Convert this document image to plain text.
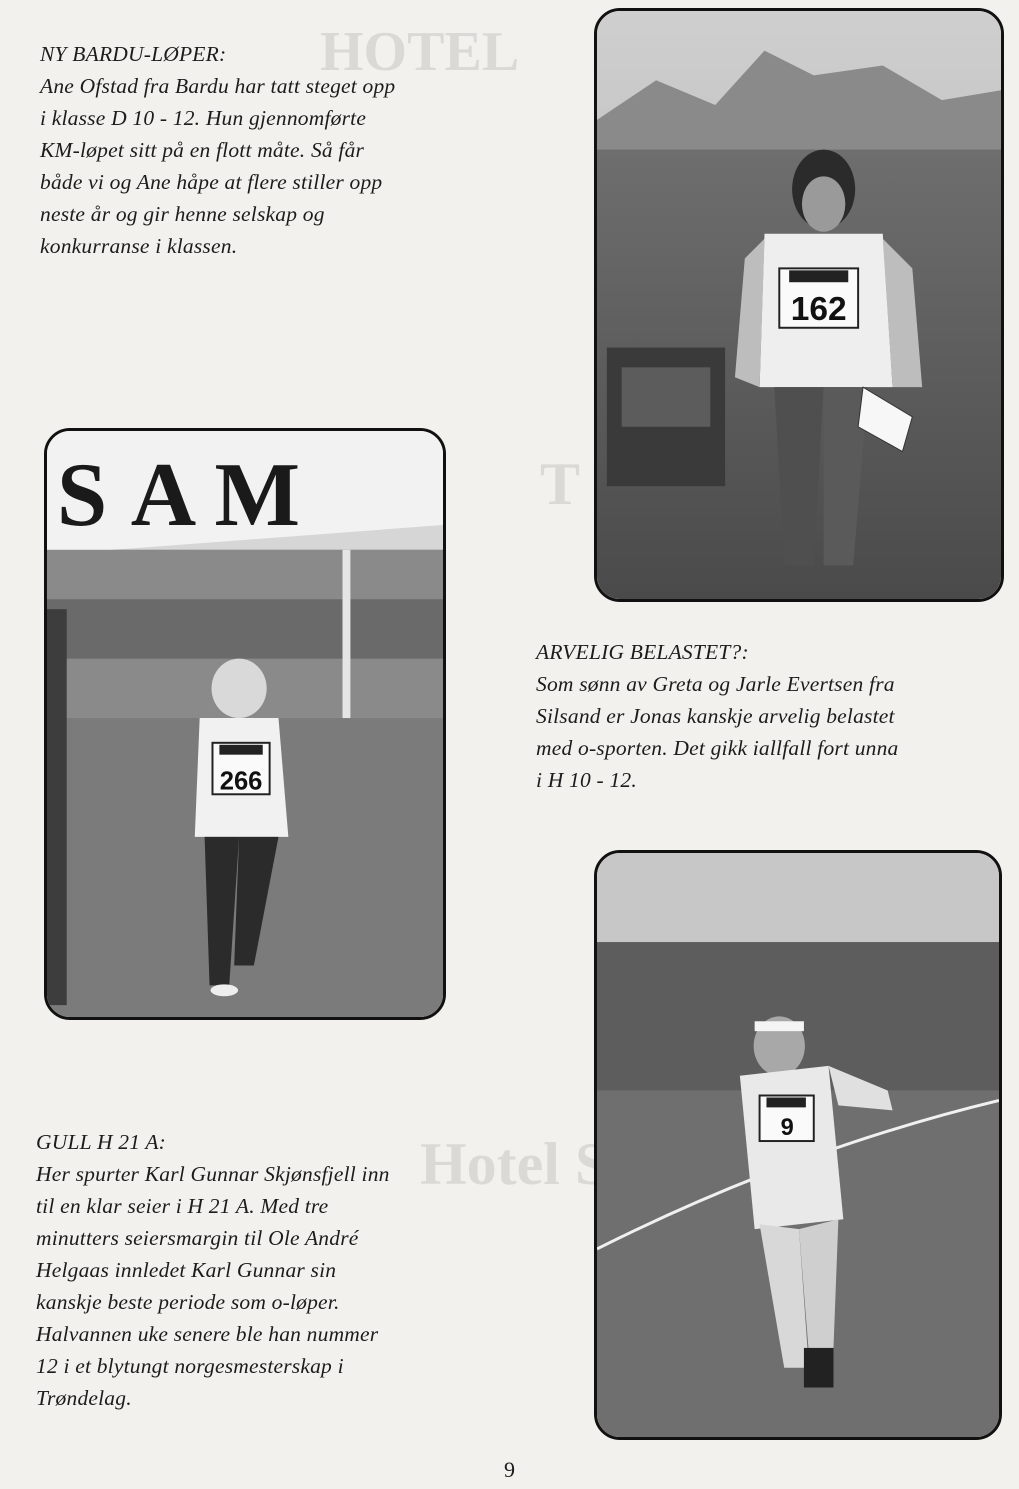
HOTEL
T
Hotel Sa

NY BARDU-LØPER:

Ane Ofstad fra Bardu har tatt steget opp

i klasse D 10 - 12. Hun gjennomførte

KM-løpet sitt på en flott måte. Så får

både vi og Ane håpe at flere stiller opp

neste år og gir henne selskap og

konkurranse i klassen.

162
S A M
266

ARVELIG BELASTET?:

Som sønn av Greta og Jarle Evertsen fra

Silsand er Jonas kanskje arvelig belastet

med o-sporten. Det gikk iallfall fort unna

i H 10 - 12.

9

GULL H 21 A:

Her spurter Karl Gunnar Skjønsfjell inn

til en klar seier i H 21 A. Med tre

minutters seiersmargin til Ole André

Helgaas innledet Karl Gunnar sin

kanskje beste periode som o-løper.

Halvannen uke senere ble han nummer

12 i et blytungt norgesmesterskap i

Trøndelag.

9
